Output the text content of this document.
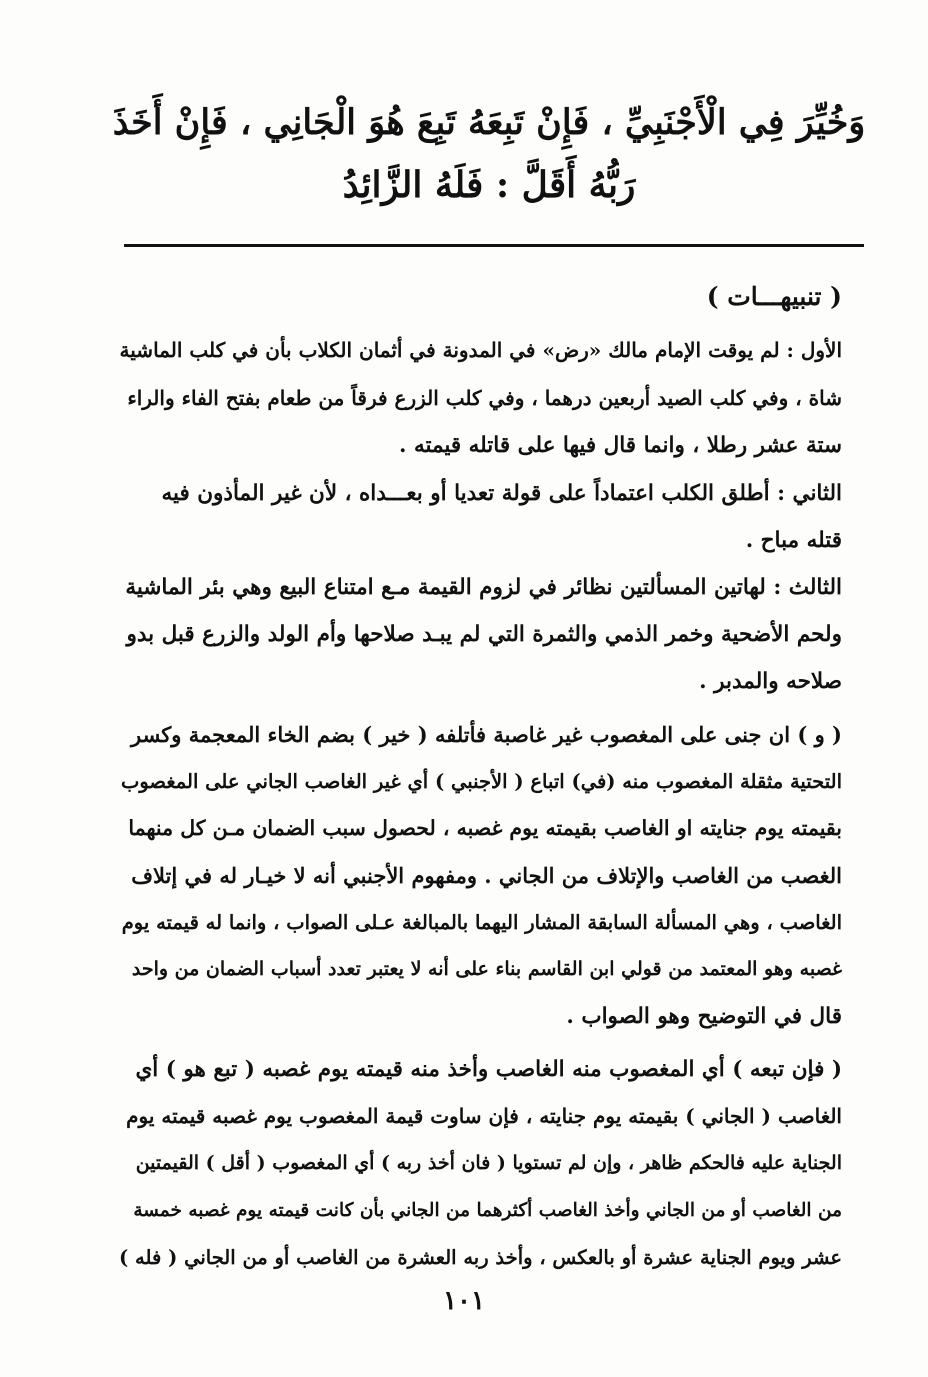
وَخُيِّرَ فِي الْأَجْنَبِيِّ ، فَإِنْ تَبِعَهُ تَبِعَ هُوَ الْجَانِي ، فَإِنْ أَخَذَ
رَبُّهُ أَقَلَّ : فَلَهُ الزَّائِدُ
( تنبيهـــات )
الأول : لم يوقت الإمام مالك «رض» في المدونة في أثمان الكلاب بأن في كلب الماشية
شاة ، وفي كلب الصيد أربعين درهما ، وفي كلب الزرع فرقاً من طعام بفتح الفاء والراء
ستة عشر رطلا ، وانما قال فيها على قاتله قيمته .
الثاني : أطلق الكلب اعتماداً على قولة تعديا أو بعـــداه ، لأن غير المأذون فيه
قتله مباح .
الثالث : لهاتين المسألتين نظائر في لزوم القيمة مـع امتناع البيع وهي بئر الماشية
ولحم الأضحية وخمر الذمي والثمرة التي لم يبـد صلاحها وأم الولد والزرع قبل بدو
صلاحه والمدبر .
( و ) ان جنى على المغصوب غير غاصبة فأتلفه ( خير ) بضم الخاء المعجمة وكسر
التحتية مثقلة المغصوب منه (في) اتباع ( الأجنبي ) أي غير الغاصب الجاني على المغصوب
بقيمته يوم جنايته او الغاصب بقيمته يوم غصبه ، لحصول سبب الضمان مـن كل منهما
الغصب من الغاصب والإتلاف من الجاني . ومفهوم الأجنبي أنه لا خيـار له في إتلاف
الغاصب ، وهي المسألة السابقة المشار اليهما بالمبالغة عـلى الصواب ، وانما له قيمته يوم
غصبه وهو المعتمد من قولي ابن القاسم بناء على أنه لا يعتبر تعدد أسباب الضمان من واحد
قال في التوضيح وهو الصواب .
( فإن تبعه ) أي المغصوب منه الغاصب وأخذ منه قيمته يوم غصبه ( تبع هو ) أي
الغاصب ( الجاني ) بقيمته يوم جنايته ، فإن ساوت قيمة المغصوب يوم غصبه قيمته يوم
الجناية عليه فالحكم ظاهر ، وإن لم تستويا ( فان أخذ ربه ) أي المغصوب ( أقل ) القيمتين
من الغاصب أو من الجاني وأخذ الغاصب أكثرهما من الجاني بأن كانت قيمته يوم غصبه خمسة
عشر ويوم الجناية عشرة أو بالعكس ، وأخذ ربه العشرة من الغاصب أو من الجاني ( فله )
١٠١
